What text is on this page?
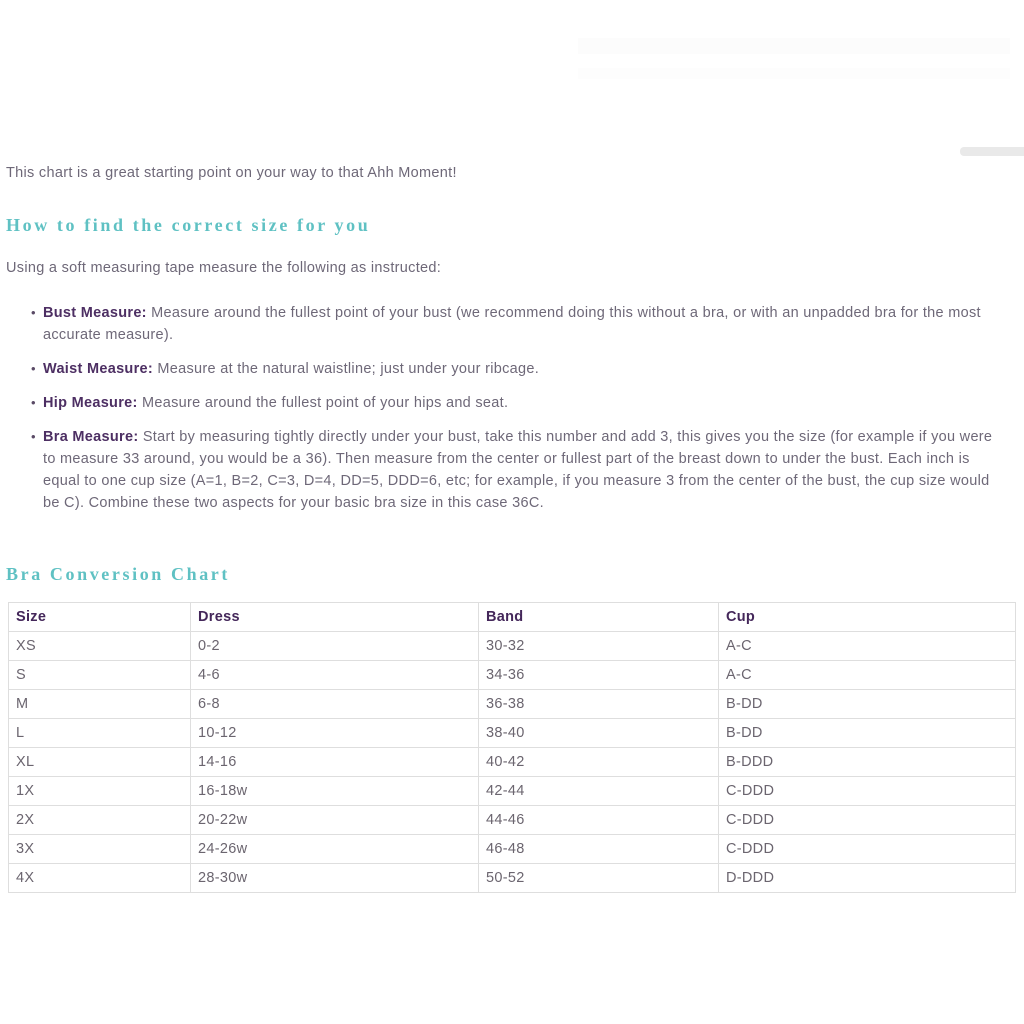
This chart is a great starting point on your way to that Ahh Moment!

How to find the correct size for you

Using a soft measuring tape measure the following as instructed:

• Bust Measure: Measure around the fullest point of your bust (we recommend doing this without a bra, or with an unpadded bra for the most accurate measure).
• Waist Measure: Measure at the natural waistline; just under your ribcage.
• Hip Measure: Measure around the fullest point of your hips and seat.
• Bra Measure: Start by measuring tightly directly under your bust, take this number and add 3, this gives you the size (for example if you were to measure 33 around, you would be a 36). Then measure from the center or fullest part of the breast down to under the bust. Each inch is equal to one cup size (A=1, B=2, C=3, D=4, DD=5, DDD=6, etc; for example, if you measure 3 from the center of the bust, the cup size would be C). Combine these two aspects for your basic bra size in this case 36C.
Bra Conversion Chart
Size	Dress	Band	Cup
XS	0-2	30-32	A-C
S	4-6	34-36	A-C
M	6-8	36-38	B-DD
L	10-12	38-40	B-DD
XL	14-16	40-42	B-DDD
1X	16-18w	42-44	C-DDD
2X	20-22w	44-46	C-DDD
3X	24-26w	46-48	C-DDD
4X	28-30w	50-52	D-DDD
